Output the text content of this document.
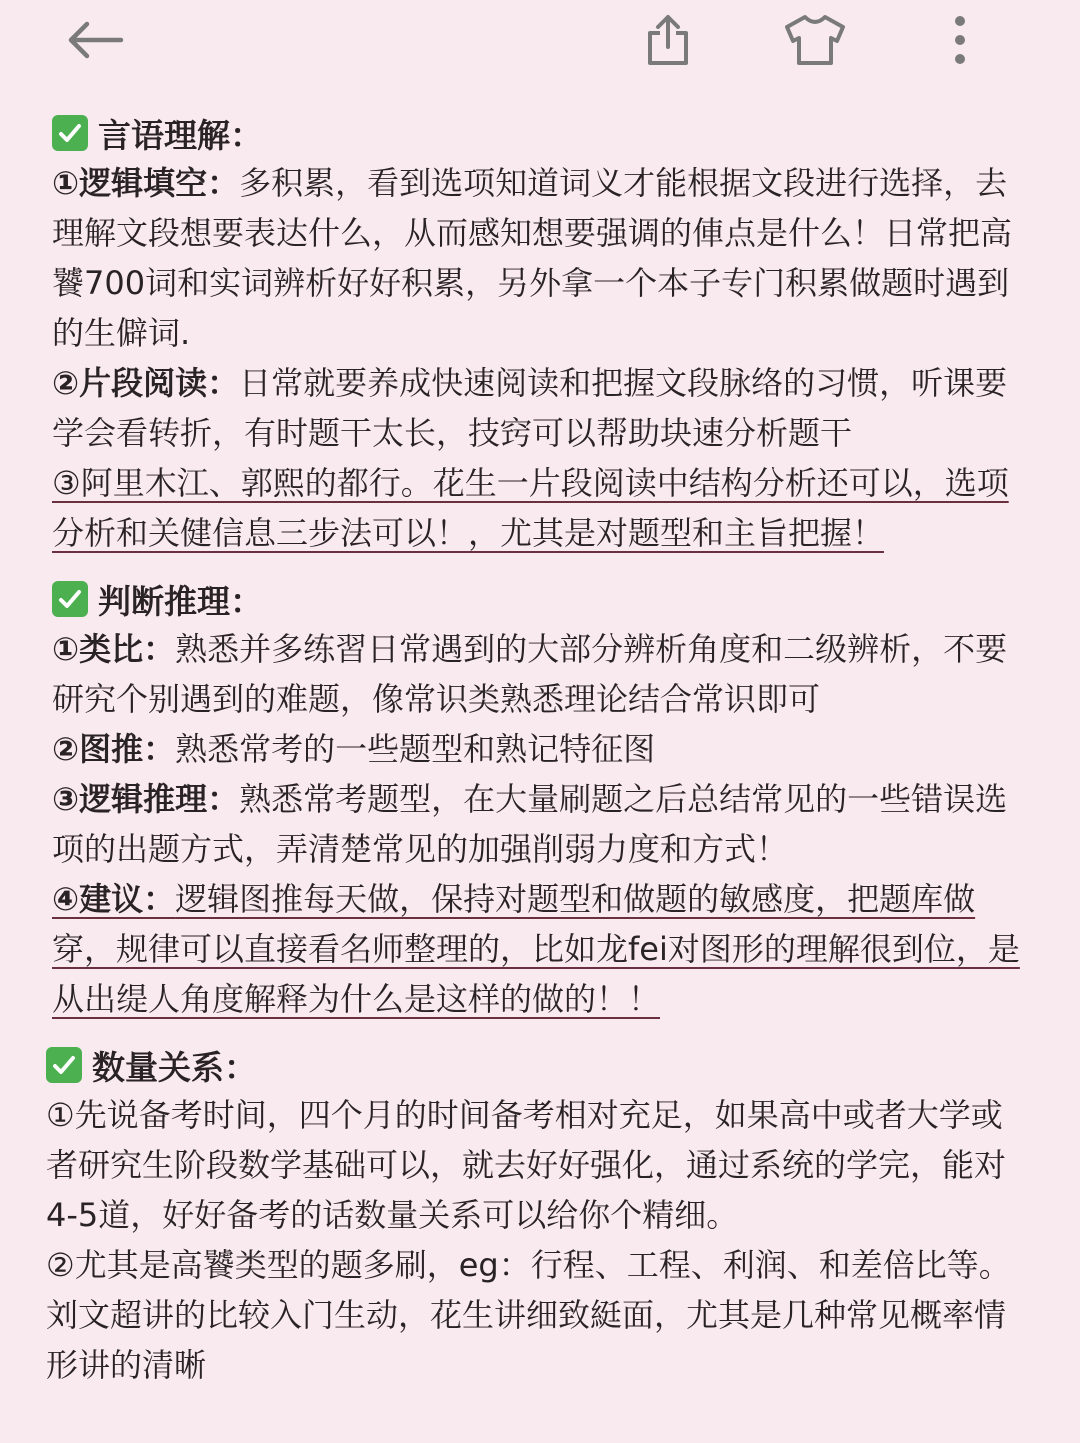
言语理解：
①逻辑填空：多积累，看到选项知道词义才能根据文段进行选择，去理解文段想要表达什么，从而感知想要强调的俥点是什么！日常把高饕700词和实词辨析好好积累，另外拿一个本子专门积累做题时遇到的生僻词.
②片段阅读：日常就要养成快速阅读和把握文段脉络的习惯，听课要学会看转折，有时题干太长，技窍可以帮助块速分析题干
③阿里木江、郭熙的都行。花生一片段阅读中结构分析还可以，选项分析和关健信息三步法可以！，尤其是对题型和主旨把握！
判断推理：
①类比：熟悉并多练習日常遇到的大部分辨析角度和二级辨析，不要研究个别遇到的难题，像常识类熟悉理论结合常识即可
②图推：熟悉常考的一些题型和熟记特征图
③逻辑推理：熟悉常考题型，在大量刷题之后总结常见的一些错误选项的出题方式，弄清楚常见的加强削弱力度和方式！
④建议：逻辑图推每天做，保持对题型和做题的敏感度，把题库做穿，规律可以直接看名师整理的，比如龙fei对图形的理解很到位，是从出缇人角度解释为什么是这样的做的！！
数量关系：
①先说备考时间，四个月的时间备考相对充足，如果高中或者大学或者研究生阶段数学基础可以，就去好好强化，通过系统的学完，能对4-5道，好好备考的话数量关系可以给你个精细。
②尤其是高饕类型的题多刷，eg：行程、工程、利润、和差倍比等。刘文超讲的比较入门生动，花生讲细致綎面，尤其是几种常见概率情形讲的清晰
